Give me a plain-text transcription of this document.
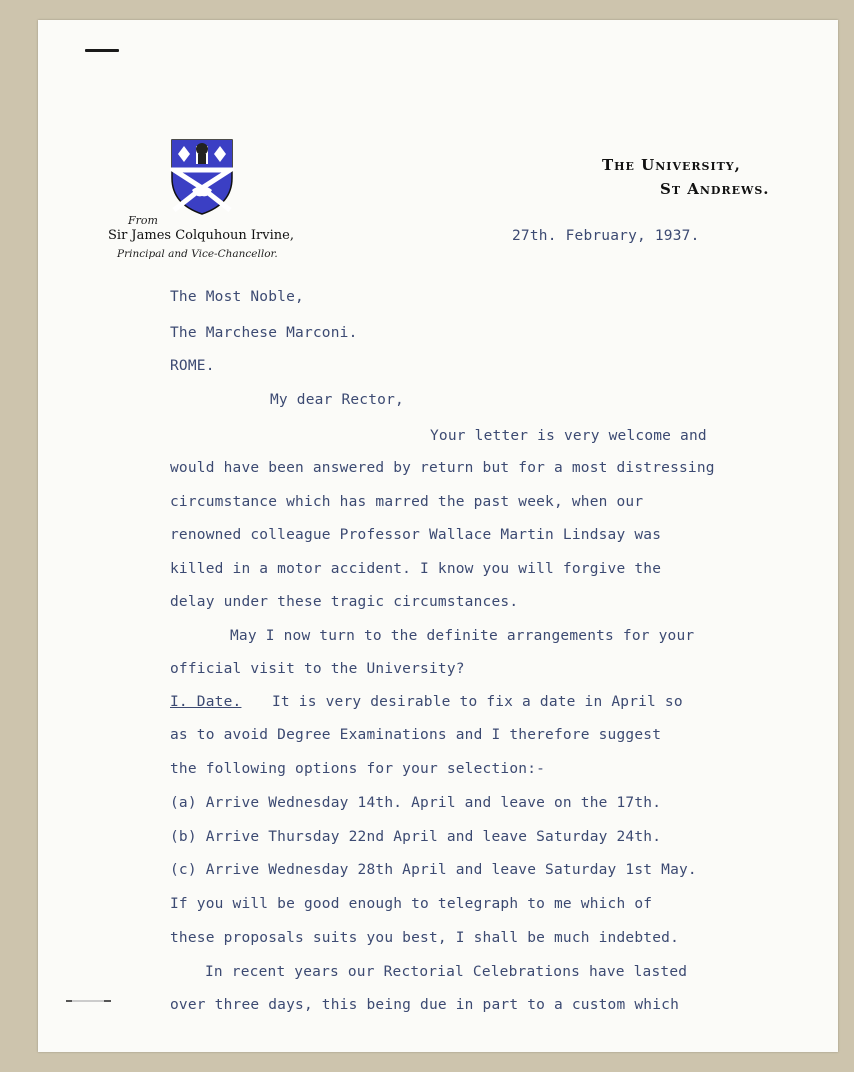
From
Sir James Colquhoun Irvine,
Principal and Vice-Chancellor.
The University,
St Andrews.
27th. February, 1937.
The Most Noble,
The Marchese Marconi.
ROME.
My dear Rector,
Your letter is very welcome and
would have been answered by return but for a most distressing
circumstance which has marred the past week, when our
renowned colleague Professor Wallace Martin Lindsay was
killed in a motor accident. I know you will forgive the
delay under these tragic circumstances.
May I now turn to the definite arrangements for your
official visit to the University?
I. Date. It is very desirable to fix a date in April so
as to avoid Degree Examinations and I therefore suggest
the following options for your selection:-
(a) Arrive Wednesday 14th. April and leave on the 17th.
(b) Arrive Thursday 22nd April and leave Saturday 24th.
(c) Arrive Wednesday 28th April and leave Saturday 1st May.
If you will be good enough to telegraph to me which of
these proposals suits you best, I shall be much indebted.
In recent years our Rectorial Celebrations have lasted
over three days, this being due in part to a custom which
